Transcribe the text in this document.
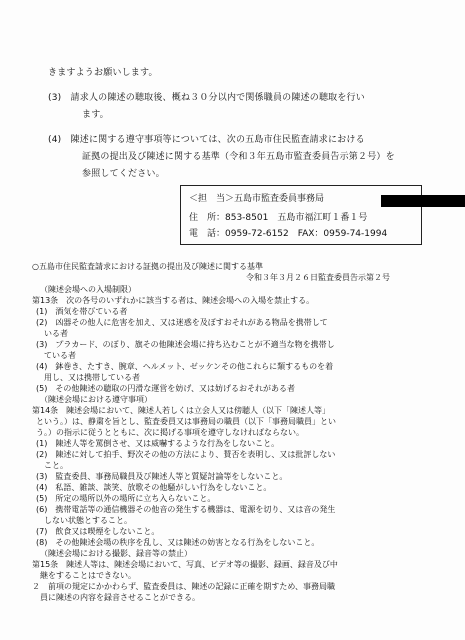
きますようお願いします。
(3)　請求人の陳述の聴取後、概ね３０分以内で関係職員の陳述の聴取を行い
ます。
(4)　陳述に関する遵守事項等については、次の五島市住民監査請求における
証拠の提出及び陳述に関する基準（令和３年五島市監査委員告示第２号）を
参照してください。
＜担　当＞五島市監査委員事務局
住　所：853-8501　五島市福江町１番１号
電　話：0959-72-6152　FAX：0959-74-1994
○五島市住民監査請求における証拠の提出及び陳述に関する基準
令和３年３月２６日監査委員告示第２号
（陳述会場への入場制限）
第13条　次の各号のいずれかに該当する者は、陳述会場への入場を禁止する。
(1)　酒気を帯びている者
(2)　凶器その他人に危害を加え、又は迷惑を及ぼすおそれがある物品を携帯して
　いる者
(3)　プラカード、のぼり、旗その他陳述会場に持ち込むことが不適当な物を携帯し
　ている者
(4)　鉢巻き、たすき、腕章、ヘルメット、ゼッケンその他これらに類するものを着
　用し、又は携帯している者
(5)　その他陳述の聴取の円滑な運営を妨げ、又は妨げるおそれがある者
（陳述会場における遵守事項）
第14条　陳述会場において、陳述人若しくは立会人又は傍聴人（以下「陳述人等」
という。）は、静粛を旨とし、監査委員又は事務局の職員（以下「事務局職員」とい
う。）の指示に従うとともに、次に掲げる事項を遵守しなければならない。
(1)　陳述人等を罵倒させ、又は威嚇するような行為をしないこと。
(2)　陳述に対して拍手、野次その他の方法により、賛否を表明し、又は批評しない
　こと。
(3)　監査委員、事務局職員及び陳述人等と質疑討論等をしないこと。
(4)　私語、雑談、談笑、放歌その他騒がしい行為をしないこと。
(5)　所定の場所以外の場所に立ち入らないこと。
(6)　携帯電話等の通信機器その他音の発生する機器は、電源を切り、又は音の発生
　しない状態とすること。
(7)　飲食又は喫煙をしないこと。
(8)　その他陳述会場の秩序を乱し、又は陳述の妨害となる行為をしないこと。
（陳述会場における撮影、録音等の禁止）
第15条　陳述人等は、陳述会場において、写真、ビデオ等の撮影、録画、録音及び中
　継をすることはできない。
２　前項の規定にかかわらず、監査委員は、陳述の記録に正確を期すため、事務局職
　員に陳述の内容を録音させることができる。
